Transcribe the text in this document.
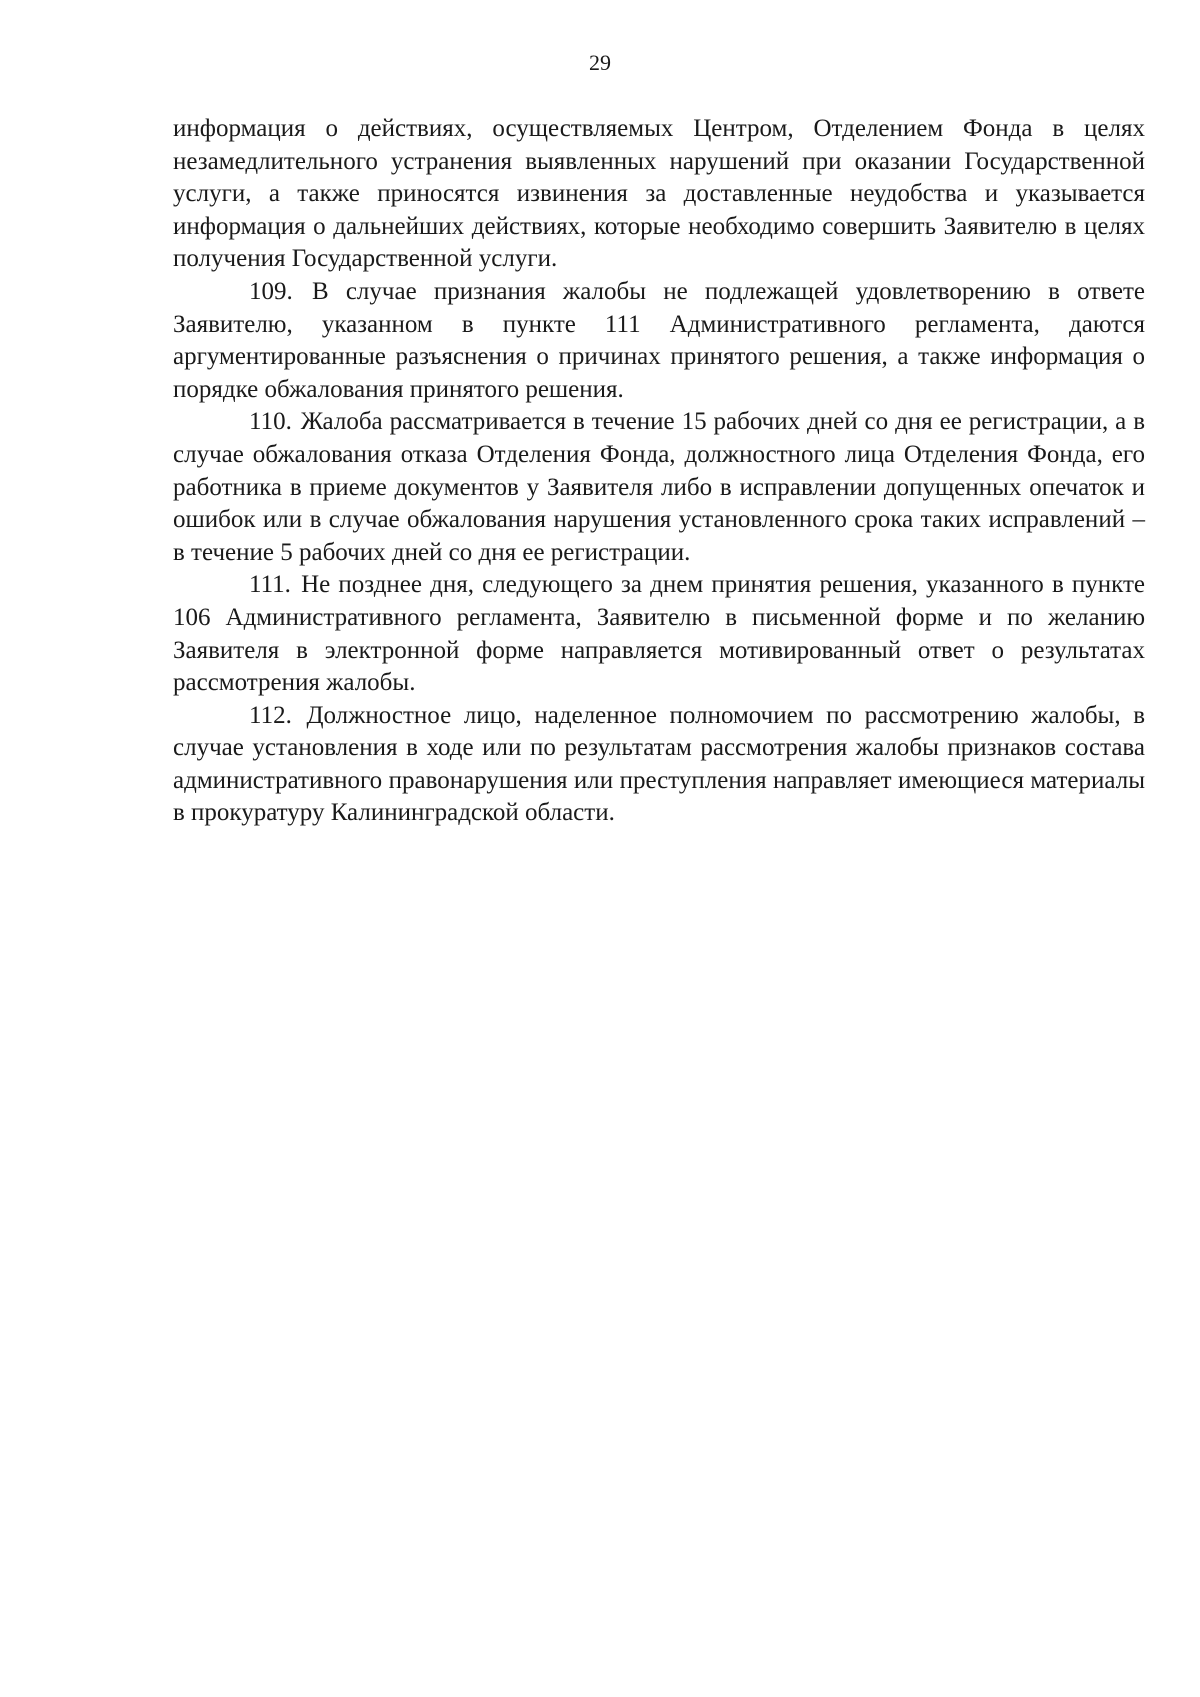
29

информация о действиях, осуществляемых Центром, Отделением Фонда в целях незамедлительного устранения выявленных нарушений при оказании Государственной услуги, а также приносятся извинения за доставленные неудобства и указывается информация о дальнейших действиях, которые необходимо совершить Заявителю в целях получения Государственной услуги.

109. В случае признания жалобы не подлежащей удовлетворению в ответе Заявителю, указанном в пункте 111 Административного регламента, даются аргументированные разъяснения о причинах принятого решения, а также информация о порядке обжалования принятого решения.

110. Жалоба рассматривается в течение 15 рабочих дней со дня ее регистрации, а в случае обжалования отказа Отделения Фонда, должностного лица Отделения Фонда, его работника в приеме документов у Заявителя либо в исправлении допущенных опечаток и ошибок или в случае обжалования нарушения установленного срока таких исправлений – в течение 5 рабочих дней со дня ее регистрации.

111. Не позднее дня, следующего за днем принятия решения, указанного в пункте 106 Административного регламента, Заявителю в письменной форме и по желанию Заявителя в электронной форме направляется мотивированный ответ о результатах рассмотрения жалобы.

112. Должностное лицо, наделенное полномочием по рассмотрению жалобы, в случае установления в ходе или по результатам рассмотрения жалобы признаков состава административного правонарушения или преступления направляет имеющиеся материалы в прокуратуру Калининградской области.
